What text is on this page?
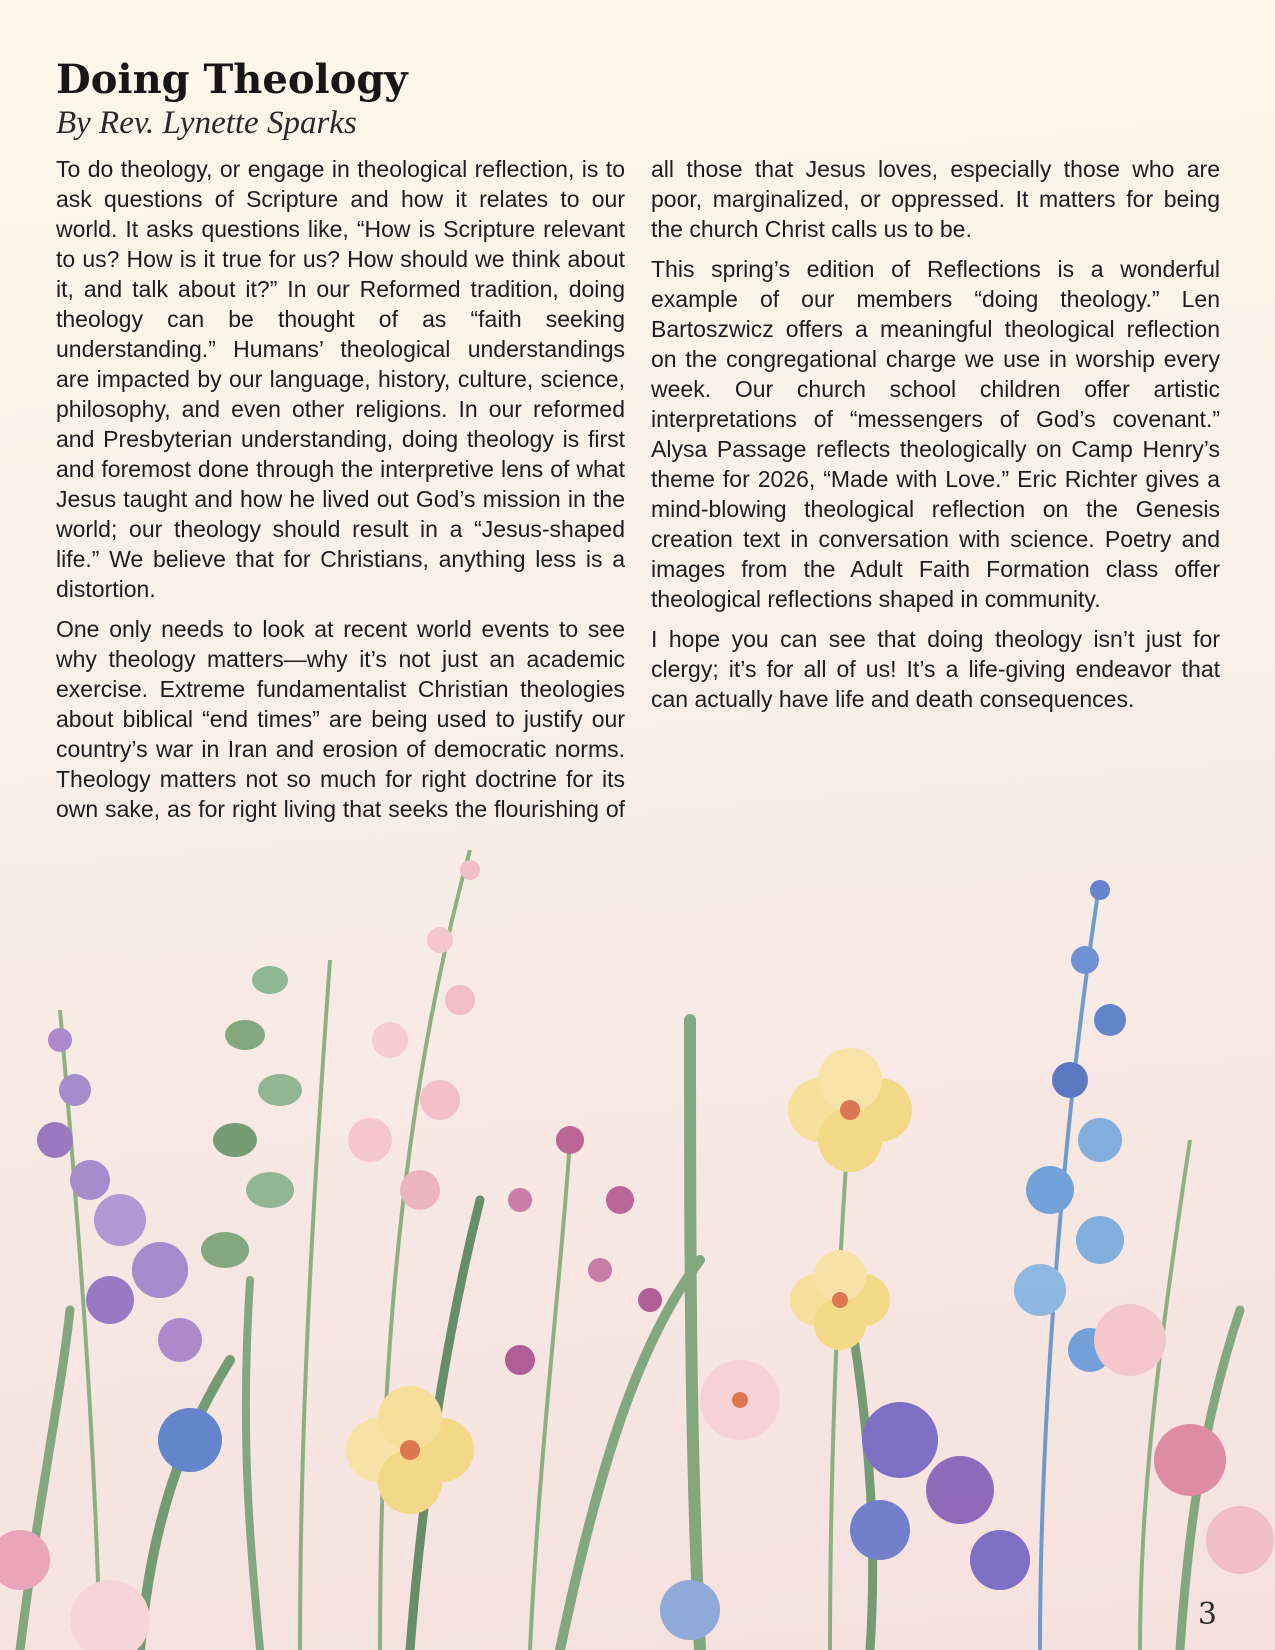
Doing Theology

By Rev. Lynette Sparks

To do theology, or engage in theological reflection, is to ask questions of Scripture and how it relates to our world. It asks questions like, “How is Scripture relevant to us? How is it true for us? How should we think about it, and talk about it?” In our Reformed tradition, doing theology can be thought of as “faith seeking understanding.” Humans’ theological understandings are impacted by our language, history, culture, science, philosophy, and even other religions. In our reformed and Presbyterian understanding, doing theology is first and foremost done through the interpretive lens of what Jesus taught and how he lived out God’s mission in the world; our theology should result in a “Jesus-shaped life.” We believe that for Christians, anything less is a distortion.

One only needs to look at recent world events to see why theology matters—why it’s not just an academic exercise. Extreme fundamentalist Christian theologies about biblical “end times” are being used to justify our country’s war in Iran and erosion of democratic norms. Theology matters not so much for right doctrine for its own sake, as for right living that seeks the flourishing of all those that Jesus loves, especially those who are poor, marginalized, or oppressed. It matters for being the church Christ calls us to be.

This spring’s edition of Reflections is a wonderful example of our members “doing theology.” Len Bartoszwicz offers a meaningful theological reflection on the congregational charge we use in worship every week. Our church school children offer artistic interpretations of “messengers of God’s covenant.” Alysa Passage reflects theologically on Camp Henry’s theme for 2026, “Made with Love.” Eric Richter gives a mind-blowing theological reflection on the Genesis creation text in conversation with science. Poetry and images from the Adult Faith Formation class offer theological reflections shaped in community.

I hope you can see that doing theology isn’t just for clergy; it’s for all of us! It’s a life-giving endeavor that can actually have life and death consequences.

3
